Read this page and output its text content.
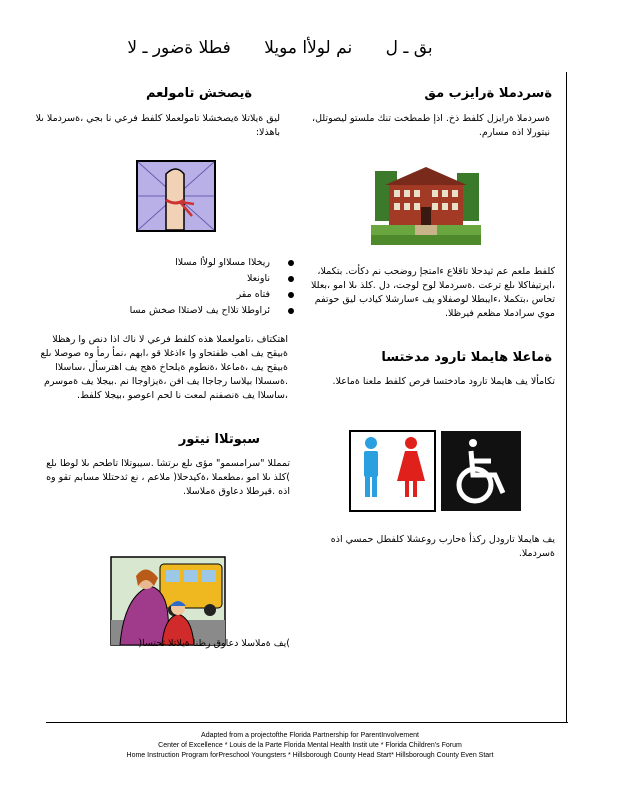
بق ـ ل نم لولأا مويلا فطلا ةضور ـ لا
ةسردملا ةرايزب مق
ةسردملا ةرايزل كلفط ذخ. اذإ طمطخت تنك ملستو ليصوتلل، نيتورلا اذه مسارم.
كلفط ملعم عم ثيدحلا تاقلاع ءامتجإ روضحب نم دكأت. بتكملا، ،ايرتيفاكلا ىلع ترعت .ةسردملا لوح لوجت، دل .كلذ ىلا امو ،بعللا تحاس ،بتكملا ،ءايبطلا لوصفلاو يف ءسارشلا كيادب ليق حوتفم موي سرادملا مظعم فيرظلا.
ةماعلا هايملا تارود مدختسا
تكامألا يف هايملا تارود مادختسا فرص كلفط ملعنا ةماعلا.
يف هايملا تارودل ركذأ ةحارب روعشلا كلفطل حمسي اذه ةسردملا.
ةيصخش تامولعم
ليق ةيلاتلا ةيصخشلا تامولعملا كلفط فرعي نا بجي ،ةسردملا ىلا باهذلا:
ريخلاا مسلااو لولأا مسلاا
ناونعلا
فتاه مقر
ئراوطلا تلااح يف لاصتلاا صخش مسا
اهتكتاف ،تامولعملا هذه كلفط فرعي لا ناك اذا دنص وا رهظلا ةبيقح يف اهب ظفتحاو وا ءاذغلا قو ،ابهم ،نمأ رمأ وه صوصلا ىلع ةبيقح يف ،ةماعلا ،ةنطوم ةيلحاخ ةهج يف اهترسأل ،ساسلاا .ةسسلاا بيلاسا رجاجاا يف افن ،ةيزاوجاا نم .بيجلا يف ةموسرم ،ساسلاا يف ةنصفنم لمعت نا لحم اعوصو ،بيجلا كلفط.
سبوتلاا نيتور
تممللا "سرامسمو" مؤى ىلع ىرتشا .سيبوتلاا تاطحم ىلا لوطا ىلع )كلذ ىلا امو ،مطعملا ،ةكيدحلا( ملاعم ، نع ثدحتللا مسابم تقو وه اذه .قيرطلا دعاوق ةملاسلا.
)يف ةملاسلا دعاوق رظنا ةيلاتلا ثحتسا(
Adapted from a projectofthe Florida Partnership for ParentInvolvement
Center of Excellence * Louis de la Parte Florida Mental Health Instit ute * Florida Children's Forum
Home Instruction Program forPreschool Youngsters * Hillsborough County Head Start* Hillsborough County Even Start
